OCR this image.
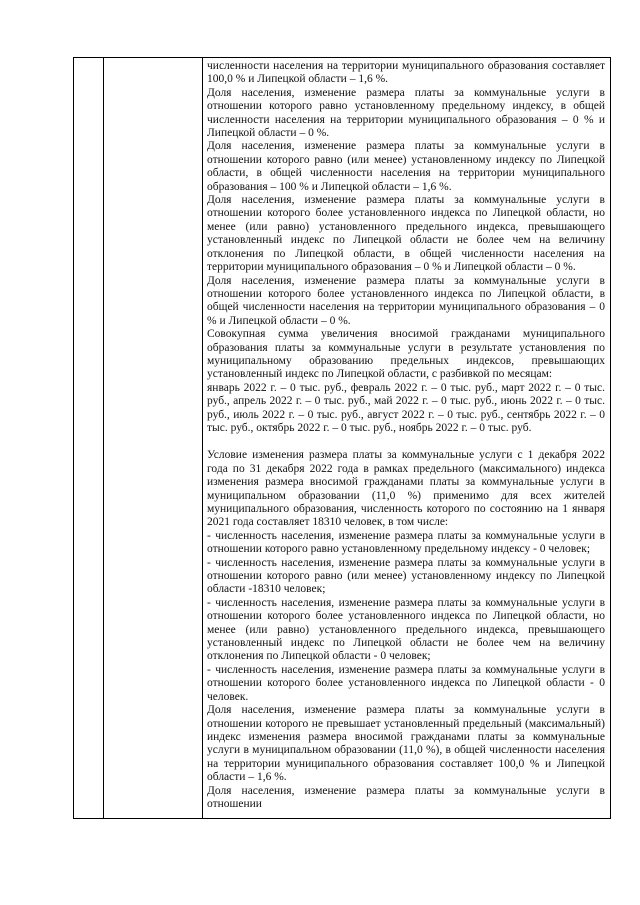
численности населения на территории муниципального образования составляет 100,0 % и Липецкой области – 1,6 %.

Доля населения, изменение размера платы за коммунальные услуги в отношении которого равно установленному предельному индексу, в общей численности населения на территории муниципального образования – 0 % и Липецкой области – 0 %.

Доля населения, изменение размера платы за коммунальные услуги в отношении которого равно (или менее) установленному индексу по Липецкой области, в общей численности населения на территории муниципального образования – 100 % и Липецкой области – 1,6 %.

Доля населения, изменение размера платы за коммунальные услуги в отношении которого более установленного индекса по Липецкой области, но менее (или равно) установленного предельного индекса, превышающего установленный индекс по Липецкой области не более чем на величину отклонения по Липецкой области, в общей численности населения на территории муниципального образования – 0 % и Липецкой области – 0 %.

Доля населения, изменение размера платы за коммунальные услуги в отношении которого более установленного индекса по Липецкой области, в общей численности населения на территории муниципального образования – 0 % и Липецкой области – 0 %.

Совокупная сумма увеличения вносимой гражданами муниципального образования платы за коммунальные услуги в результате установления по муниципальному образованию предельных индексов, превышающих установленный индекс по Липецкой области, с разбивкой по месяцам:

январь 2022 г. – 0 тыс. руб., февраль 2022 г. – 0 тыс. руб., март 2022 г. – 0 тыс. руб., апрель 2022 г. – 0 тыс. руб., май 2022 г. – 0 тыс. руб., июнь 2022 г. – 0 тыс. руб., июль 2022 г. – 0 тыс. руб., август 2022 г. – 0 тыс. руб., сентябрь 2022 г. – 0 тыс. руб., октябрь 2022 г. – 0 тыс. руб., ноябрь 2022 г. – 0 тыс. руб.

Условие изменения размера платы за коммунальные услуги с 1 декабря 2022 года по 31 декабря 2022 года в рамках предельного (максимального) индекса изменения размера вносимой гражданами платы за коммунальные услуги в муниципальном образовании (11,0 %) применимо для всех жителей муниципального образования, численность которого по состоянию на 1 января 2021 года составляет 18310 человек, в том числе:

- численность населения, изменение размера платы за коммунальные услуги в отношении которого равно установленному предельному индексу - 0 человек;

- численность населения, изменение размера платы за коммунальные услуги в отношении которого равно (или менее) установленному индексу по Липецкой области -18310 человек;

- численность населения, изменение размера платы за коммунальные услуги в отношении которого более установленного индекса по Липецкой области, но менее (или равно) установленного предельного индекса, превышающего установленный индекс по Липецкой области не более чем на величину отклонения по Липецкой области - 0 человек;

- численность населения, изменение размера платы за коммунальные услуги в отношении которого более установленного индекса по Липецкой области - 0 человек.

Доля населения, изменение размера платы за коммунальные услуги в отношении которого не превышает установленный предельный (максимальный) индекс изменения размера вносимой гражданами платы за коммунальные услуги в муниципальном образовании (11,0 %), в общей численности населения на территории муниципального образования составляет 100,0 % и Липецкой области – 1,6 %.

Доля населения, изменение размера платы за коммунальные услуги в отношении
